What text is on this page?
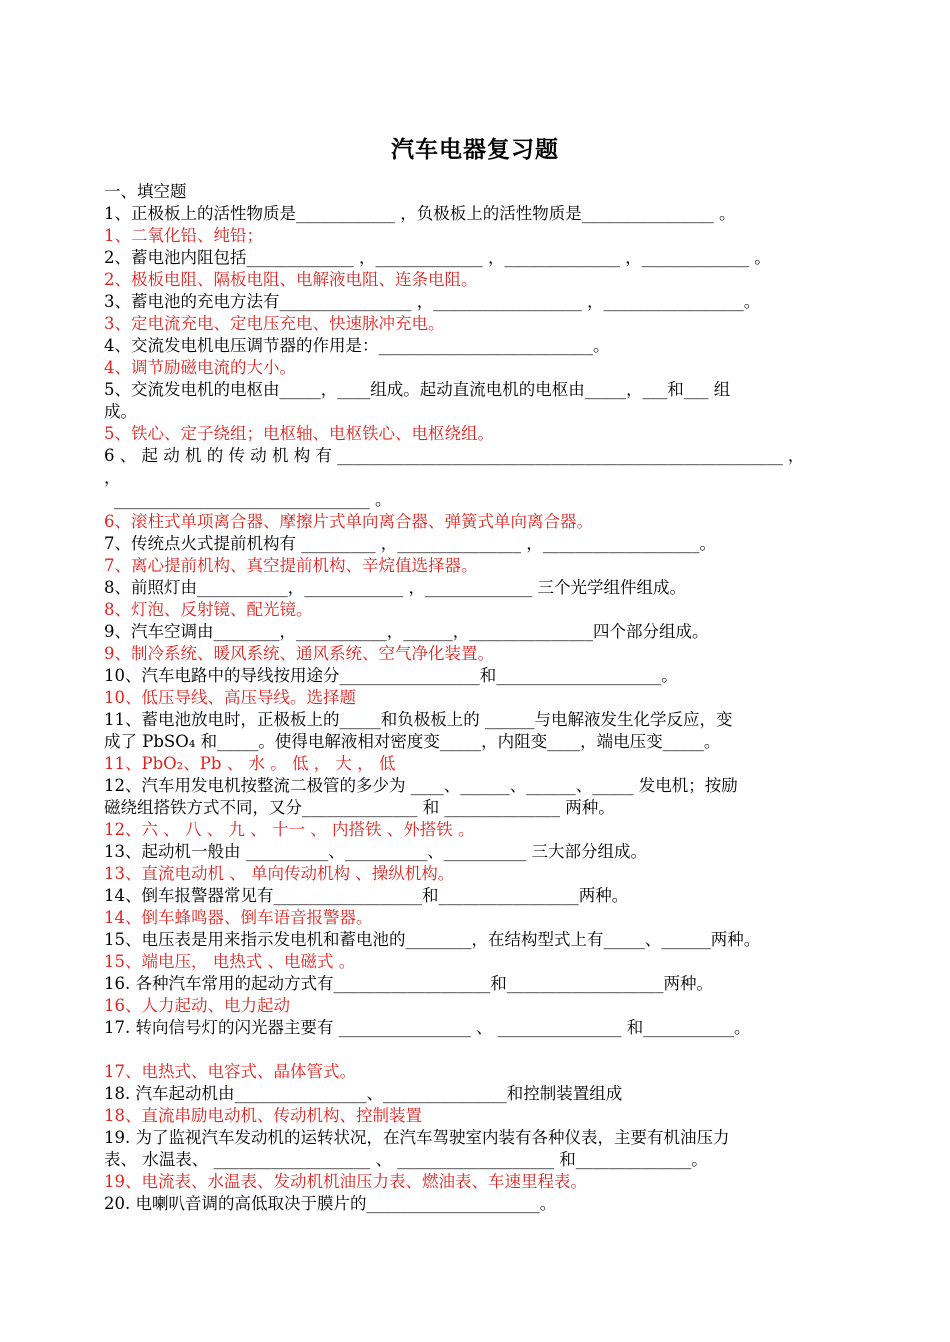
汽车电器复习题
一、填空题
1、正极板上的活性物质是____________ ，负极板上的活性物质是________________ 。
1、二氧化铅、纯铅；
2、蓄电池内阻包括_____________ ，_____________ ，______________ ，_____________ 。
2、极板电阻、隔板电阻、电解液电阻、连条电阻。
3、蓄电池的充电方法有________________ ，__________________ ，_________________。
3、定电流充电、定电压充电、快速脉冲充电。
4、交流发电机电压调节器的作用是：__________________________。
4、调节励磁电流的大小。
5、交流发电机的电枢由_____，____组成。起动直流电机的电枢由_____，___和___ 组
成。
5、铁心、定子绕组；电枢轴、电枢铁心、电枢绕组。
6 、 起 动 机 的 传 动 机 构 有 ______________________________________________________ ，
，
_______________________________ 。
6、滚柱式单项离合器、摩擦片式单向离合器、弹簧式单向离合器。
7、传统点火式提前机构有 _________ ，_______________ ，___________________。
7、离心提前机构、真空提前机构、辛烷值选择器。
8、前照灯由___________，____________ ，_____________ 三个光学组件组成。
8、灯泡、反射镜、配光镜。
9、汽车空调由________，___________，______，_______________四个部分组成。
9、制冷系统、暖风系统、通风系统、空气净化装置。
10、汽车电路中的导线按用途分_________________和____________________。
10、低压导线、高压导线。选择题
11、蓄电池放电时，正极板上的_____和负极板上的 ______与电解液发生化学反应，变
成了 PbSO₄ 和_____。使得电解液相对密度变_____，内阻变____，端电压变_____。
11、PbO₂、Pb 、 水 。 低 ， 大 ， 低
12、汽车用发电机按整流二极管的多少为 ____、______、______、_____ 发电机；按励
磁绕组搭铁方式不同，又分______________ 和 ______________ 两种。
12、六 、 八 、 九 、 十一 、 内搭铁 、外搭铁 。
13、起动机一般由 __________、__________、__________ 三大部分组成。
13、直流电动机 、 单向传动机构 、操纵机构。
14、倒车报警器常见有__________________和_________________两种。
14、倒车蜂鸣器、倒车语音报警器。
15、电压表是用来指示发电机和蓄电池的________，在结构型式上有_____、______两种。
15、端电压， 电热式 、电磁式 。
16. 各种汽车常用的起动方式有___________________和___________________两种。
16、人力起动、电力起动
17. 转向信号灯的闪光器主要有 ________________ 、 _______________ 和___________。
17、电热式、电容式、晶体管式。
18. 汽车起动机由________________、_______________和控制装置组成
18、直流串励电动机、传动机构、控制装置
19. 为了监视汽车发动机的运转状况，在汽车驾驶室内装有各种仪表，主要有机油压力
表、 水温表、 ___________________ 、 ___________________ 和______________。
19、电流表、水温表、发动机机油压力表、燃油表、车速里程表。
20. 电喇叭音调的高低取决于膜片的_____________________。
